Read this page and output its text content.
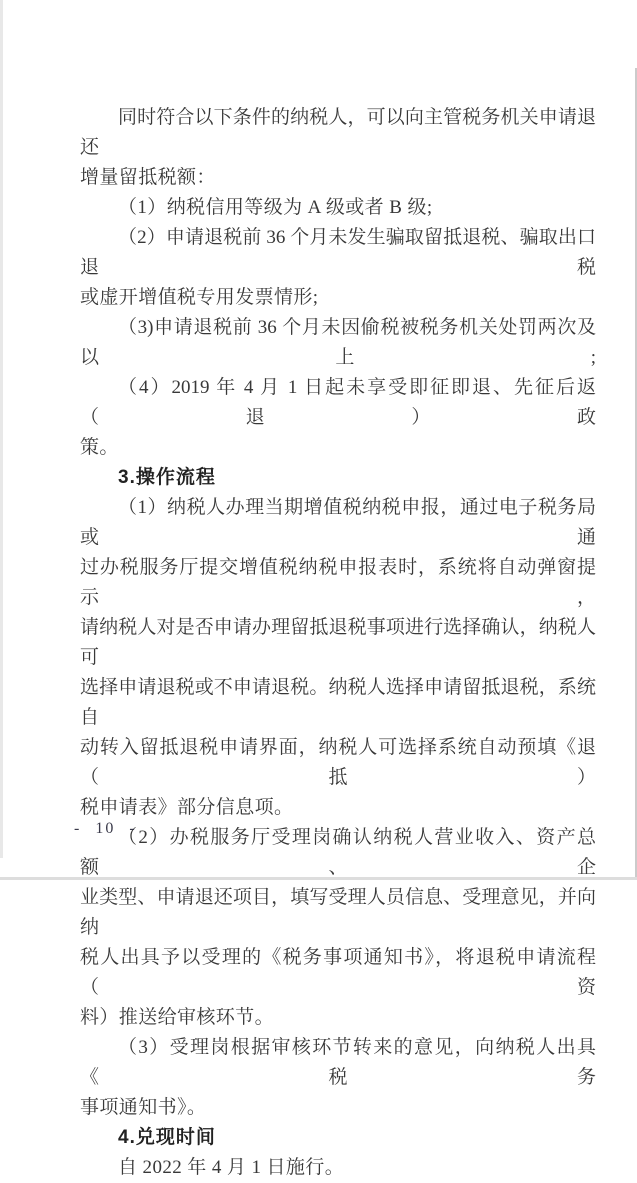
同时符合以下条件的纳税人，可以向主管税务机关申请退还
增量留抵税额：
（1）纳税信用等级为 A 级或者 B 级;
（2）申请退税前 36 个月未发生骗取留抵退税、骗取出口退税
或虚开增值税专用发票情形;
（3)申请退税前 36 个月未因偷税被税务机关处罚两次及以上;
（4）2019 年 4 月 1 日起未享受即征即退、先征后返（退）政
策。
3.操作流程
（1）纳税人办理当期增值税纳税申报，通过电子税务局或通
过办税服务厅提交增值税纳税申报表时，系统将自动弹窗提示，
请纳税人对是否申请办理留抵退税事项进行选择确认，纳税人可
选择申请退税或不申请退税。纳税人选择申请留抵退税，系统自
动转入留抵退税申请界面，纳税人可选择系统自动预填《退（抵）
税申请表》部分信息项。
（2）办税服务厅受理岗确认纳税人营业收入、资产总额、企
业类型、申请退还项目，填写受理人员信息、受理意见，并向纳
税人出具予以受理的《税务事项通知书》，将退税申请流程（资
料）推送给审核环节。
（3）受理岗根据审核环节转来的意见，向纳税人出具《税务
事项通知书》。
4.兑现时间
自 2022 年 4 月 1 日施行。
- 10 -
